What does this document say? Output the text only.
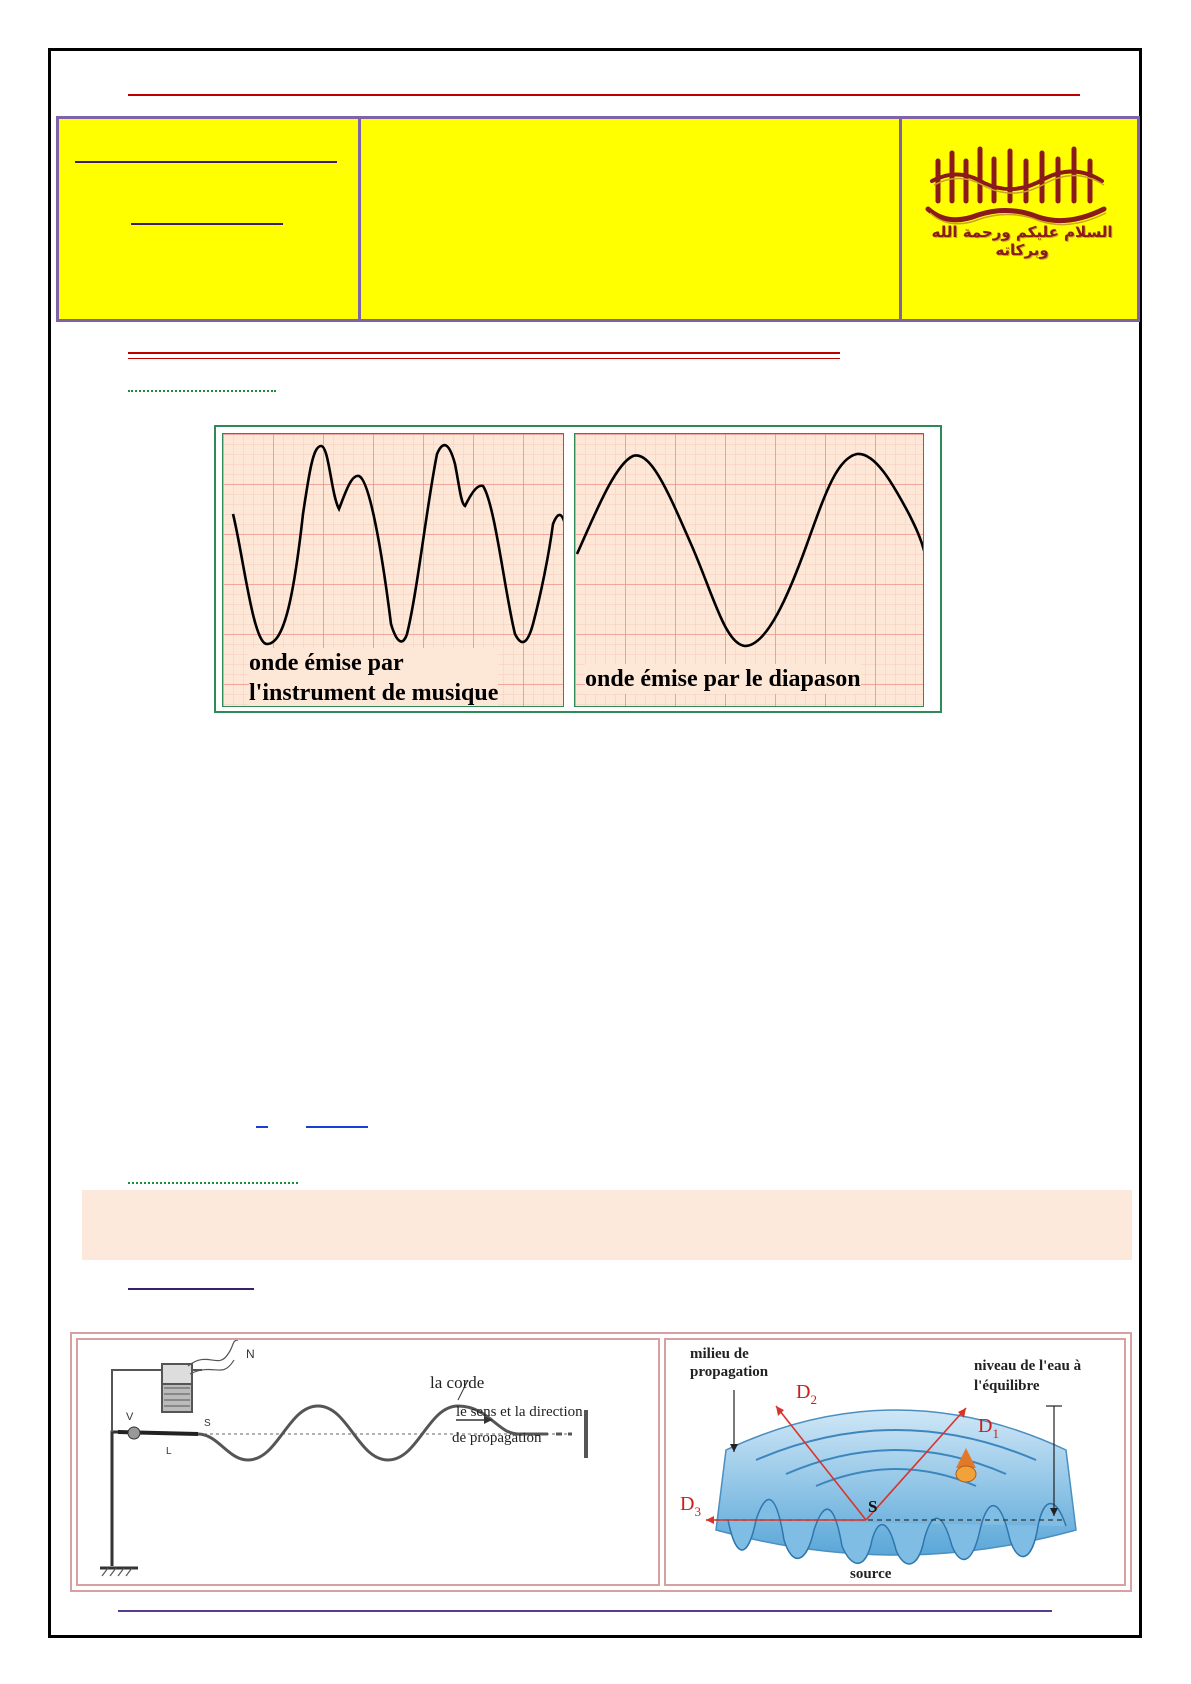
السلام عليكم ورحمة الله وبركاته
onde émise par
l'instrument de musique
onde émise par le diapason
N
V
L
S
la corde
le sens et la direction
de propagation
milieu de
propagation	niveau de l'eau à
l'équilibre
S
source
$D_2$
$D_1$
$D_3$
